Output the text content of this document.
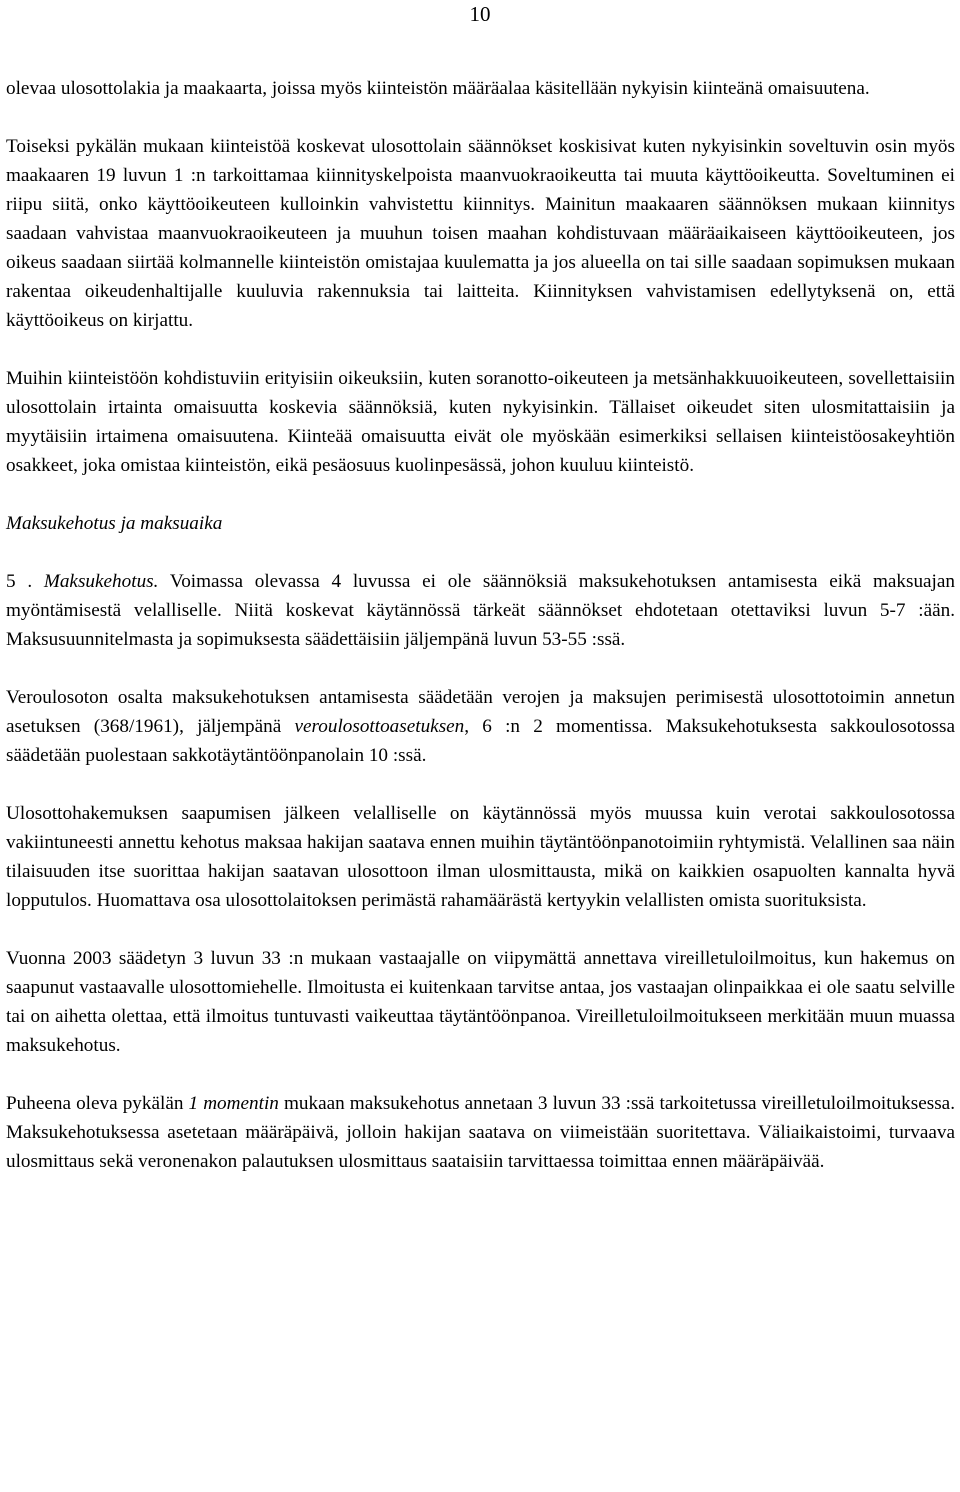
10

olevaa ulosottolakia ja maakaarta, joissa myös kiinteistön määräalaa käsitellään nykyisin kiinteänä omaisuutena.

Toiseksi pykälän mukaan kiinteistöä koskevat ulosottolain säännökset koskisivat kuten nykyisinkin soveltuvin osin myös maakaaren 19 luvun 1 :n tarkoittamaa kiinnityskelpoista maanvuokraoikeutta tai muuta käyttöoikeutta. Soveltuminen ei riipu siitä, onko käyttöoikeuteen kulloinkin vahvistettu kiinnitys. Mainitun maakaaren säännöksen mukaan kiinnitys saadaan vahvistaa maanvuokraoikeuteen ja muuhun toisen maahan kohdistuvaan määräaikaiseen käyttöoikeuteen, jos oikeus saadaan siirtää kolmannelle kiinteistön omistajaa kuulematta ja jos alueella on tai sille saadaan sopimuksen mukaan rakentaa oikeudenhaltijalle kuuluvia rakennuksia tai laitteita. Kiinnityksen vahvistamisen edellytyksenä on, että käyttöoikeus on kirjattu.

Muihin kiinteistöön kohdistuviin erityisiin oikeuksiin, kuten soranotto-oikeuteen ja metsänhakkuuoikeuteen, sovellettaisiin ulosottolain irtainta omaisuutta koskevia säännöksiä, kuten nykyisinkin. Tällaiset oikeudet siten ulosmitattaisiin ja myytäisiin irtaimena omaisuutena. Kiinteää omaisuutta eivät ole myöskään esimerkiksi sellaisen kiinteistöosakeyhtiön osakkeet, joka omistaa kiinteistön, eikä pesäosuus kuolinpesässä, johon kuuluu kiinteistö.

Maksukehotus ja maksuaika

5 . Maksukehotus. Voimassa olevassa 4 luvussa ei ole säännöksiä maksukehotuksen antamisesta eikä maksuajan myöntämisestä velalliselle. Niitä koskevat käytännössä tärkeät säännökset ehdotetaan otettaviksi luvun 5-7 :ään. Maksusuunnitelmasta ja sopimuksesta säädettäisiin jäljempänä luvun 53-55 :ssä.

Veroulosoton osalta maksukehotuksen antamisesta säädetään verojen ja maksujen perimisestä ulosottotoimin annetun asetuksen (368/1961), jäljempänä veroulosottoasetuksen, 6 :n 2 momentissa. Maksukehotuksesta sakkoulosotossa säädetään puolestaan sakkotäytäntöönpanolain 10 :ssä.

Ulosottohakemuksen saapumisen jälkeen velalliselle on käytännössä myös muussa kuin verotai sakkoulosotossa vakiintuneesti annettu kehotus maksaa hakijan saatava ennen muihin täytäntöönpanotoimiin ryhtymistä. Velallinen saa näin tilaisuuden itse suorittaa hakijan saatavan ulosottoon ilman ulosmittausta, mikä on kaikkien osapuolten kannalta hyvä lopputulos. Huomattava osa ulosottolaitoksen perimästä rahamäärästä kertyykin velallisten omista suorituksista.

Vuonna 2003 säädetyn 3 luvun 33 :n mukaan vastaajalle on viipymättä annettava vireilletuloilmoitus, kun hakemus on saapunut vastaavalle ulosottomiehelle. Ilmoitusta ei kuitenkaan tarvitse antaa, jos vastaajan olinpaikkaa ei ole saatu selville tai on aihetta olettaa, että ilmoitus tuntuvasti vaikeuttaa täytäntöönpanoa. Vireilletuloilmoitukseen merkitään muun muassa maksukehotus.

Puheena oleva pykälän 1 momentin mukaan maksukehotus annetaan 3 luvun 33 :ssä tarkoitetussa vireilletuloilmoituksessa. Maksukehotuksessa asetetaan määräpäivä, jolloin hakijan saatava on viimeistään suoritettava. Väliaikaistoimi, turvaava ulosmittaus sekä veronenakon palautuksen ulosmittaus saataisiin tarvittaessa toimittaa ennen määräpäivää.
